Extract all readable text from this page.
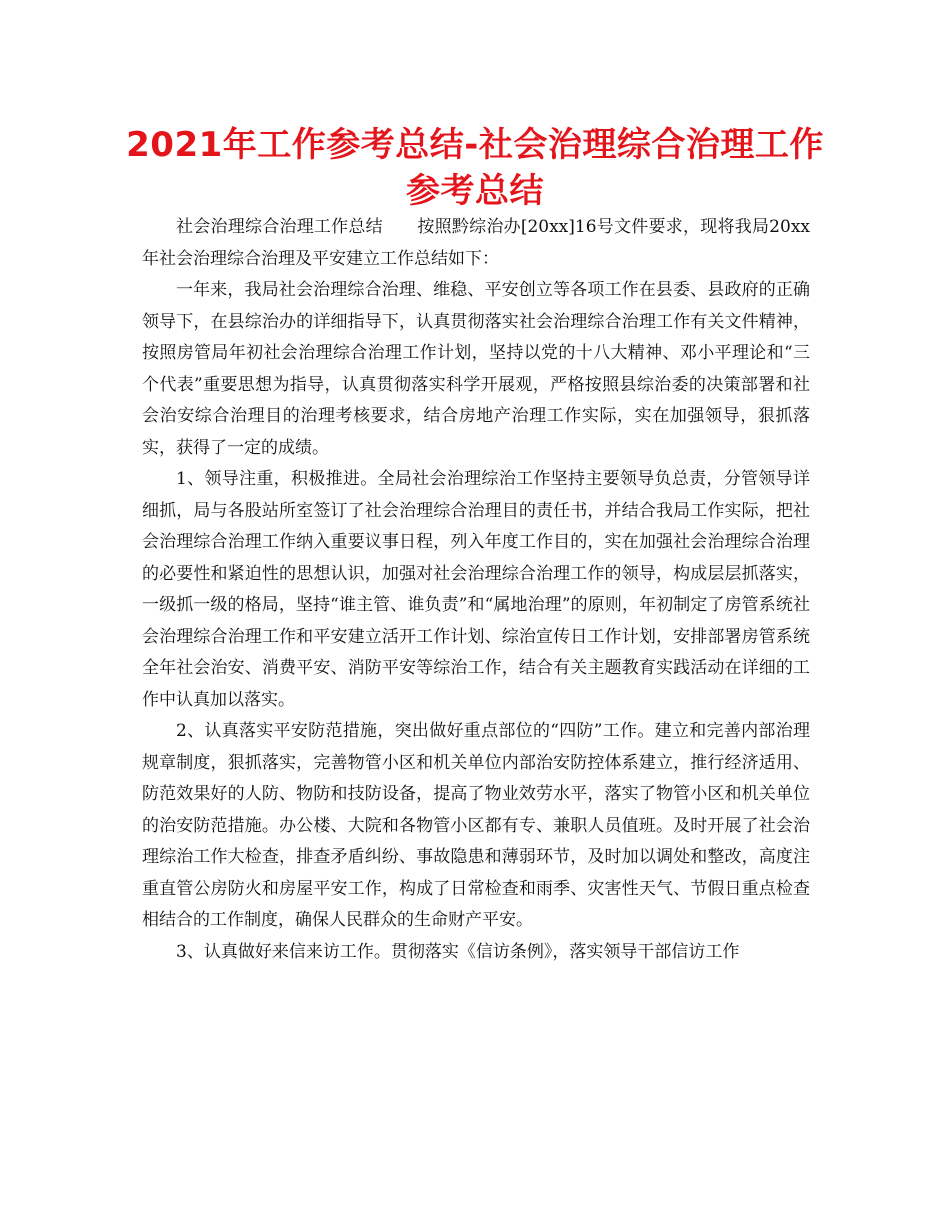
2021年工作参考总结-社会治理综合治理工作参考总结

社会治理综合治理工作总结　　按照黔综治办[20xx]16号文件要求，现将我局20xx年社会治理综合治理及平安建立工作总结如下：

一年来，我局社会治理综合治理、维稳、平安创立等各项工作在县委、县政府的正确领导下，在县综治办的详细指导下，认真贯彻落实社会治理综合治理工作有关文件精神，按照房管局年初社会治理综合治理工作计划，坚持以党的十八大精神、邓小平理论和“三个代表”重要思想为指导，认真贯彻落实科学开展观，严格按照县综治委的决策部署和社会治安综合治理目的治理考核要求，结合房地产治理工作实际，实在加强领导，狠抓落实，获得了一定的成绩。

1、领导注重，积极推进。全局社会治理综治工作坚持主要领导负总责，分管领导详细抓，局与各股站所室签订了社会治理综合治理目的责任书，并结合我局工作实际，把社会治理综合治理工作纳入重要议事日程，列入年度工作目的，实在加强社会治理综合治理的必要性和紧迫性的思想认识，加强对社会治理综合治理工作的领导，构成层层抓落实，一级抓一级的格局，坚持“谁主管、谁负责”和“属地治理”的原则，年初制定了房管系统社会治理综合治理工作和平安建立活开工作计划、综治宣传日工作计划，安排部署房管系统全年社会治安、消费平安、消防平安等综治工作，结合有关主题教育实践活动在详细的工作中认真加以落实。

2、认真落实平安防范措施，突出做好重点部位的“四防”工作。建立和完善内部治理规章制度，狠抓落实，完善物管小区和机关单位内部治安防控体系建立，推行经济适用、防范效果好的人防、物防和技防设备，提高了物业效劳水平，落实了物管小区和机关单位的治安防范措施。办公楼、大院和各物管小区都有专、兼职人员值班。及时开展了社会治理综治工作大检查，排查矛盾纠纷、事故隐患和薄弱环节，及时加以调处和整改，高度注重直管公房防火和房屋平安工作，构成了日常检查和雨季、灾害性天气、节假日重点检查相结合的工作制度，确保人民群众的生命财产平安。

3、认真做好来信来访工作。贯彻落实《信访条例》，落实领导干部信访工作
